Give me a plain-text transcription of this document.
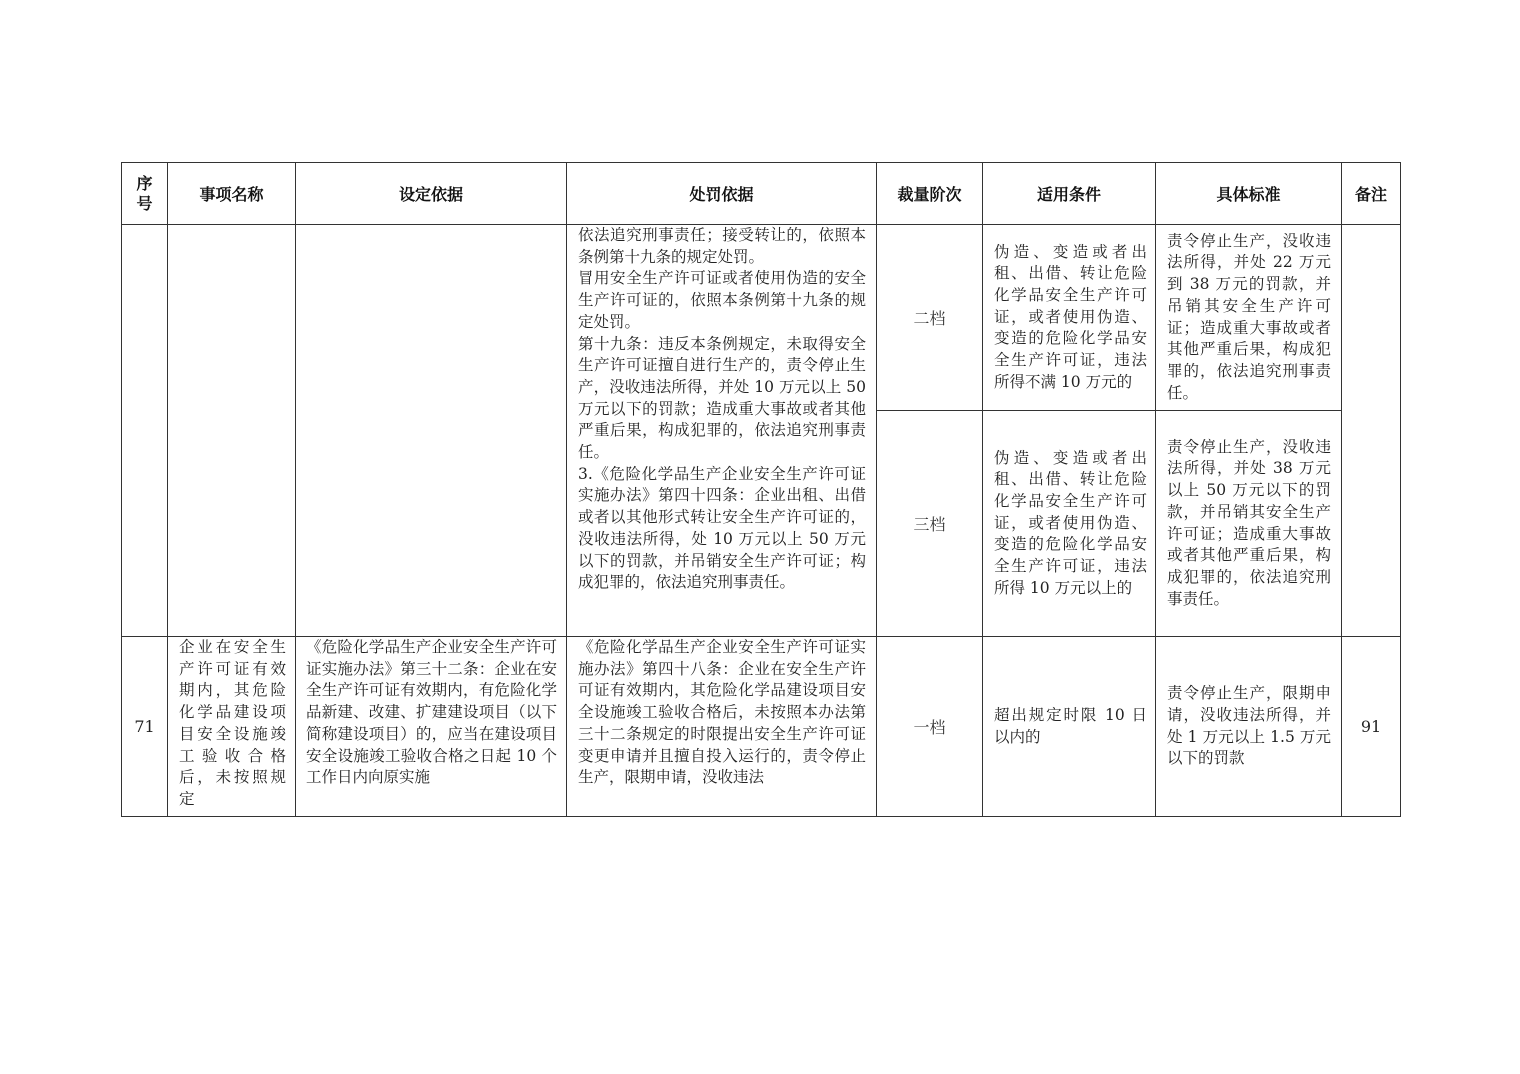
序号	事项名称	设定依据	处罚依据	裁量阶次	适用条件	具体标准	备注
			依法追究刑事责任；接受转让的，依照本条例第十九条的规定处罚。
冒用安全生产许可证或者使用伪造的安全生产许可证的，依照本条例第十九条的规定处罚。
第十九条：违反本条例规定，未取得安全生产许可证擅自进行生产的，责令停止生产，没收违法所得，并处 10 万元以上 50 万元以下的罚款；造成重大事故或者其他严重后果，构成犯罪的，依法追究刑事责任。
3.《危险化学品生产企业安全生产许可证实施办法》第四十四条：企业出租、出借或者以其他形式转让安全生产许可证的，没收违法所得，处 10 万元以上 50 万元以下的罚款，并吊销安全生产许可证；构成犯罪的，依法追究刑事责任。	二档	伪造、变造或者出租、出借、转让危险化学品安全生产许可证，或者使用伪造、变造的危险化学品安全生产许可证，违法所得不满 10 万元的	责令停止生产，没收违法所得，并处 22 万元到 38 万元的罚款，并吊销其安全生产许可证；造成重大事故或者其他严重后果，构成犯罪的，依法追究刑事责任。	

				三档	伪造、变造或者出租、出借、转让危险化学品安全生产许可证，或者使用伪造、变造的危险化学品安全生产许可证，违法所得 10 万元以上的	责令停止生产，没收违法所得，并处 38 万元以上 50 万元以下的罚款，并吊销其安全生产许可证；造成重大事故或者其他严重后果，构成犯罪的，依法追究刑事责任。	

71	企业在安全生产许可证有效期内，其危险化学品建设项目安全设施竣工验收合格后，未按照规定	《危险化学品生产企业安全生产许可证实施办法》第三十二条：企业在安全生产许可证有效期内，有危险化学品新建、改建、扩建建设项目（以下简称建设项目）的，应当在建设项目安全设施竣工验收合格之日起 10 个工作日内向原实施	《危险化学品生产企业安全生产许可证实施办法》第四十八条：企业在安全生产许可证有效期内，其危险化学品建设项目安全设施竣工验收合格后，未按照本办法第三十二条规定的时限提出安全生产许可证变更申请并且擅自投入运行的，责令停止生产，限期申请，没收违法	一档	超出规定时限 10 日以内的	责令停止生产，限期申请，没收违法所得，并处 1 万元以上 1.5 万元以下的罚款	91
